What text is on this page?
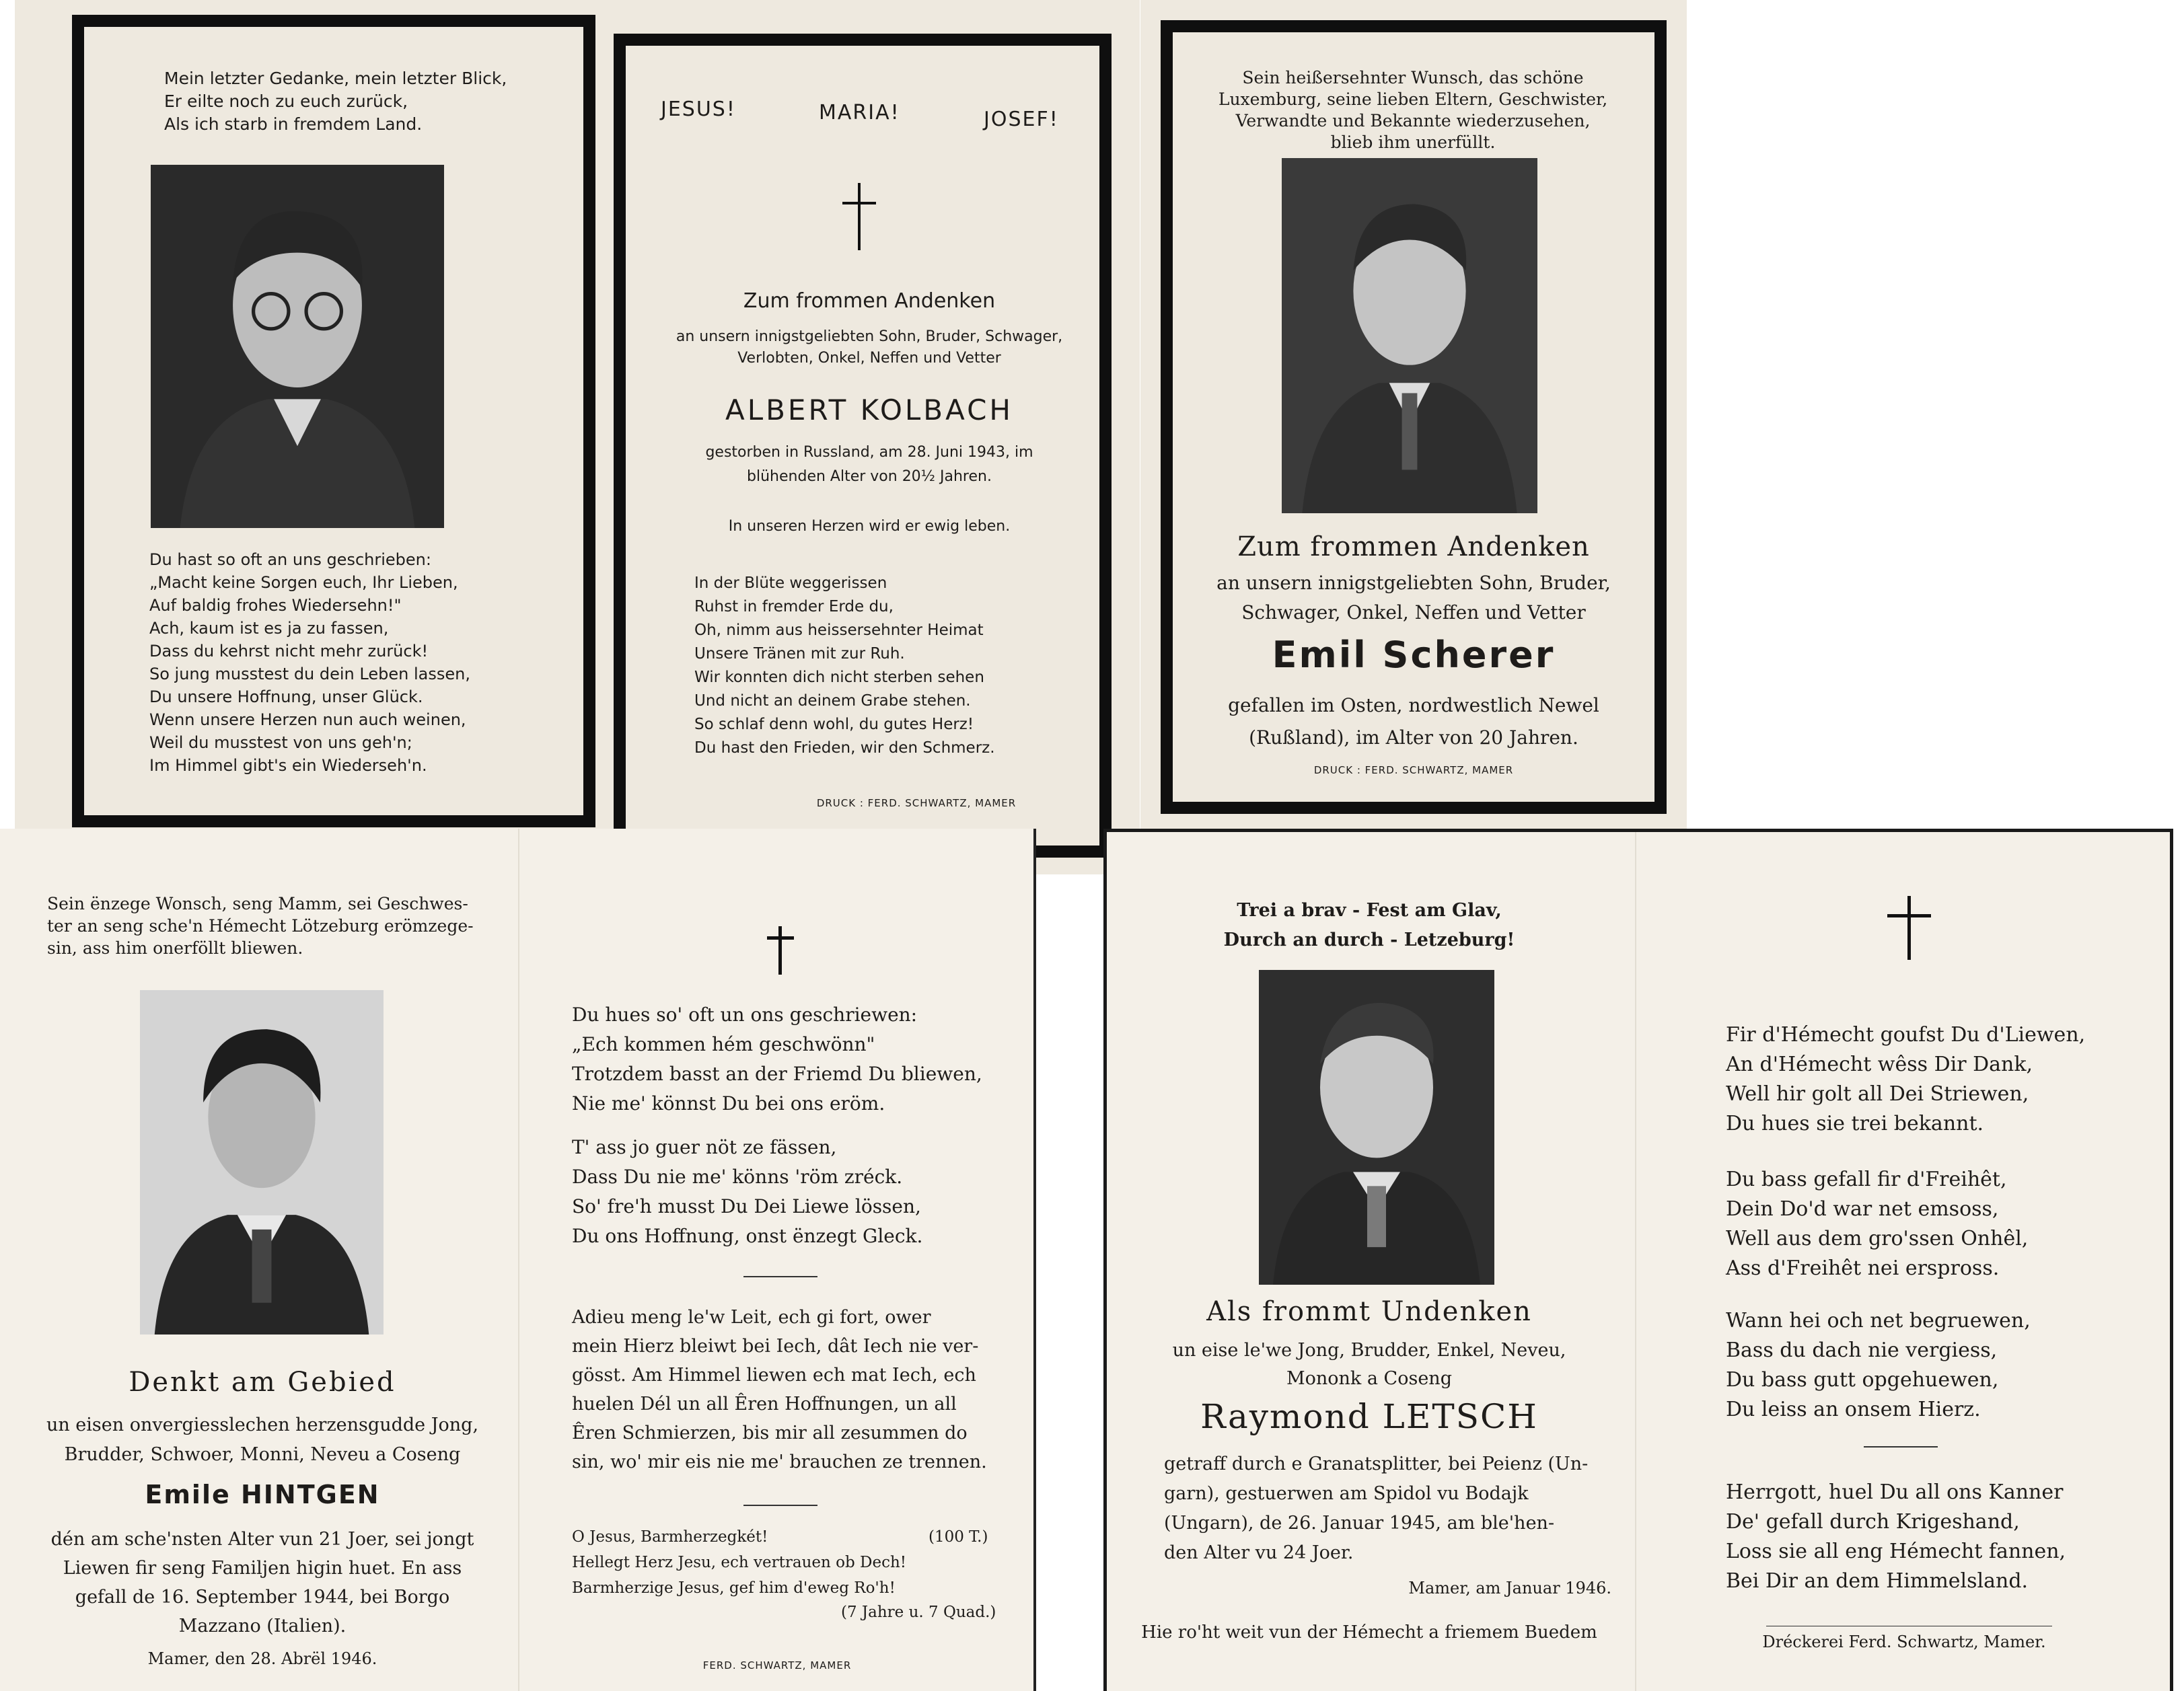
Mein letzter Gedanke, mein letzter Blick,
Er eilte noch zu euch zurück,
Als ich starb in fremdem Land.
Du hast so oft an uns geschrieben:
„Macht keine Sorgen euch, Ihr Lieben,
Auf baldig frohes Wiedersehn!"
Ach, kaum ist es ja zu fassen,
Dass du kehrst nicht mehr zurück!
So jung musstest du dein Leben lassen,
Du unsere Hoffnung, unser Glück.
Wenn unsere Herzen nun auch weinen,
Weil du musstest von uns geh'n;
Im Himmel gibt's ein Wiederseh'n.
JESUS!	MARIA!	JOSEF!
Zum frommen Andenken
an unsern innigstgeliebten Sohn, Bruder, Schwager,
Verlobten, Onkel, Neffen und Vetter
ALBERT KOLBACH
gestorben in Russland, am 28. Juni 1943, im
blühenden Alter von 20½ Jahren.
In unseren Herzen wird er ewig leben.
In der Blüte weggerissen
Ruhst in fremder Erde du,
Oh, nimm aus heissersehnter Heimat
Unsere Tränen mit zur Ruh.
Wir konnten dich nicht sterben sehen
Und nicht an deinem Grabe stehen.
So schlaf denn wohl, du gutes Herz!
Du hast den Frieden, wir den Schmerz.
DRUCK : FERD. SCHWARTZ, MAMER
Sein heißersehnter Wunsch, das schöne
Luxemburg, seine lieben Eltern, Geschwister,
Verwandte und Bekannte wiederzusehen,
blieb ihm unerfüllt.
Zum frommen Andenken
an unsern innigstgeliebten Sohn, Bruder,
Schwager, Onkel, Neffen und Vetter
Emil Scherer
gefallen im Osten, nordwestlich Newel
(Rußland), im Alter von 20 Jahren.
DRUCK : FERD. SCHWARTZ, MAMER
Sein ënzege Wonsch, seng Mamm, sei Geschwes-
ter an seng sche'n Hémecht Lötzeburg erömzege-
sin, ass him onerföllt bliewen.
Denkt am Gebied
un eisen onvergiesslechen herzensgudde Jong,
Brudder, Schwoer, Monni, Neveu a Coseng
Emile HINTGEN
dén am sche'nsten Alter vun 21 Joer, sei jongt
Liewen fir seng Familjen higin huet. En ass
gefall de 16. September 1944, bei Borgo
Mazzano (Italien).
Mamer, den 28. Abrël 1946.
Du hues so' oft un ons geschriewen:
„Ech kommen hém geschwönn"
Trotzdem basst an der Friemd Du bliewen,
Nie me' könnst Du bei ons eröm.
T' ass jo guer nöt ze fässen,
Dass Du nie me' könns 'röm zréck.
So' fre'h musst Du Dei Liewe lössen,
Du ons Hoffnung, onst ënzegt Gleck.
Adieu meng le'w Leit, ech gi fort, ower
mein Hierz bleiwt bei Iech, dât Iech nie ver-
gösst. Am Himmel liewen ech mat Iech, ech
huelen Dél un all Êren Hoffnungen, un all
Êren Schmierzen, bis mir all zesummen do
sin, wo' mir eis nie me' brauchen ze trennen.
O Jesus, Barmherzegkét!	(100 T.)
Hellegt Herz Jesu, ech vertrauen ob Dech!
Barmherzige Jesus, gef him d'eweg Ro'h!
(7 Jahre u. 7 Quad.)
FERD. SCHWARTZ, MAMER
Trei a brav - Fest am Glav,
Durch an durch - Letzeburg!
Als frommt Undenken
un eise le'we Jong, Brudder, Enkel, Neveu,
Mononk a Coseng
Raymond LETSCH
getraff durch e Granatsplitter, bei Peienz (Un-
garn), gestuerwen am Spidol vu Bodajk
(Ungarn), de 26. Januar 1945, am ble'hen-
den Alter vu 24 Joer.
Mamer, am Januar 1946.
Hie ro'ht weit vun der Hémecht a friemem Buedem
Fir d'Hémecht goufst Du d'Liewen,
An d'Hémecht wêss Dir Dank,
Well hir golt all Dei Striewen,
Du hues sie trei bekannt.
Du bass gefall fir d'Freihêt,
Dein Do'd war net emsoss,
Well aus dem gro'ssen Onhêl,
Ass d'Freihêt nei erspross.
Wann hei och net begruewen,
Bass du dach nie vergiess,
Du bass gutt opgehuewen,
Du leiss an onsem Hierz.
Herrgott, huel Du all ons Kanner
De' gefall durch Krigeshand,
Loss sie all eng Hémecht fannen,
Bei Dir an dem Himmelsland.
Dréckerei Ferd. Schwartz, Mamer.
